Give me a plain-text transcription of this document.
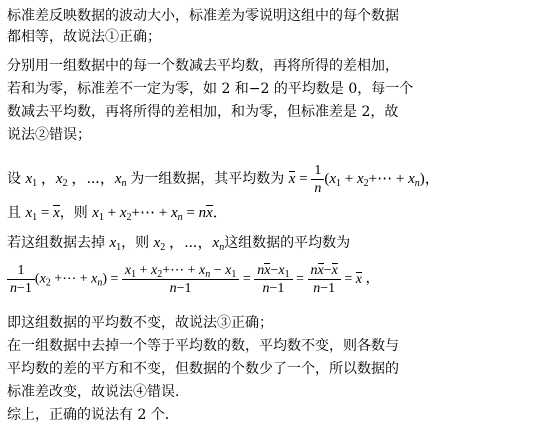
标准差反映数据的波动大小，标准差为零说明这组中的每个数据
都相等，故说法①正确；
分别用一组数据中的每一个数减去平均数，再将所得的差相加，
若和为零，标准差不一定为零，如 2 和−2 的平均数是 0，每一个
数减去平均数，再将所得的差相加，和为零，但标准差是 2，故
说法②错误；
设 $x_1$ ，$x_2$ ，⋯，$x_n$ 为一组数据，其平均数为 $x = \frac{1}{n} (x_1$ + $x_2+\cdots + x_n$)，
且 $x_1 = x$，则 $x_1$ + $x_2+\cdots + x_n$ = nx．
若这组数据去掉 $x_1$，则 $x_2$ ，⋯，$x_n$这组数据的平均数为
$\frac{1}{n-1} (x_2$ +⋯ + $x_n) = \frac{x_1 + x_2+\cdots + x_n - x_1}{n-1} = \frac{nx-x_1}{n-1} = \frac{nx-x}{n-1} = x$ ，
即这组数据的平均数不变，故说法③正确；
在一组数据中去掉一个等于平均数的数，平均数不变，则各数与
平均数的差的平方和不变，但数据的个数少了一个，所以数据的
标准差改变，故说法④错误．
综上，正确的说法有 2 个．
